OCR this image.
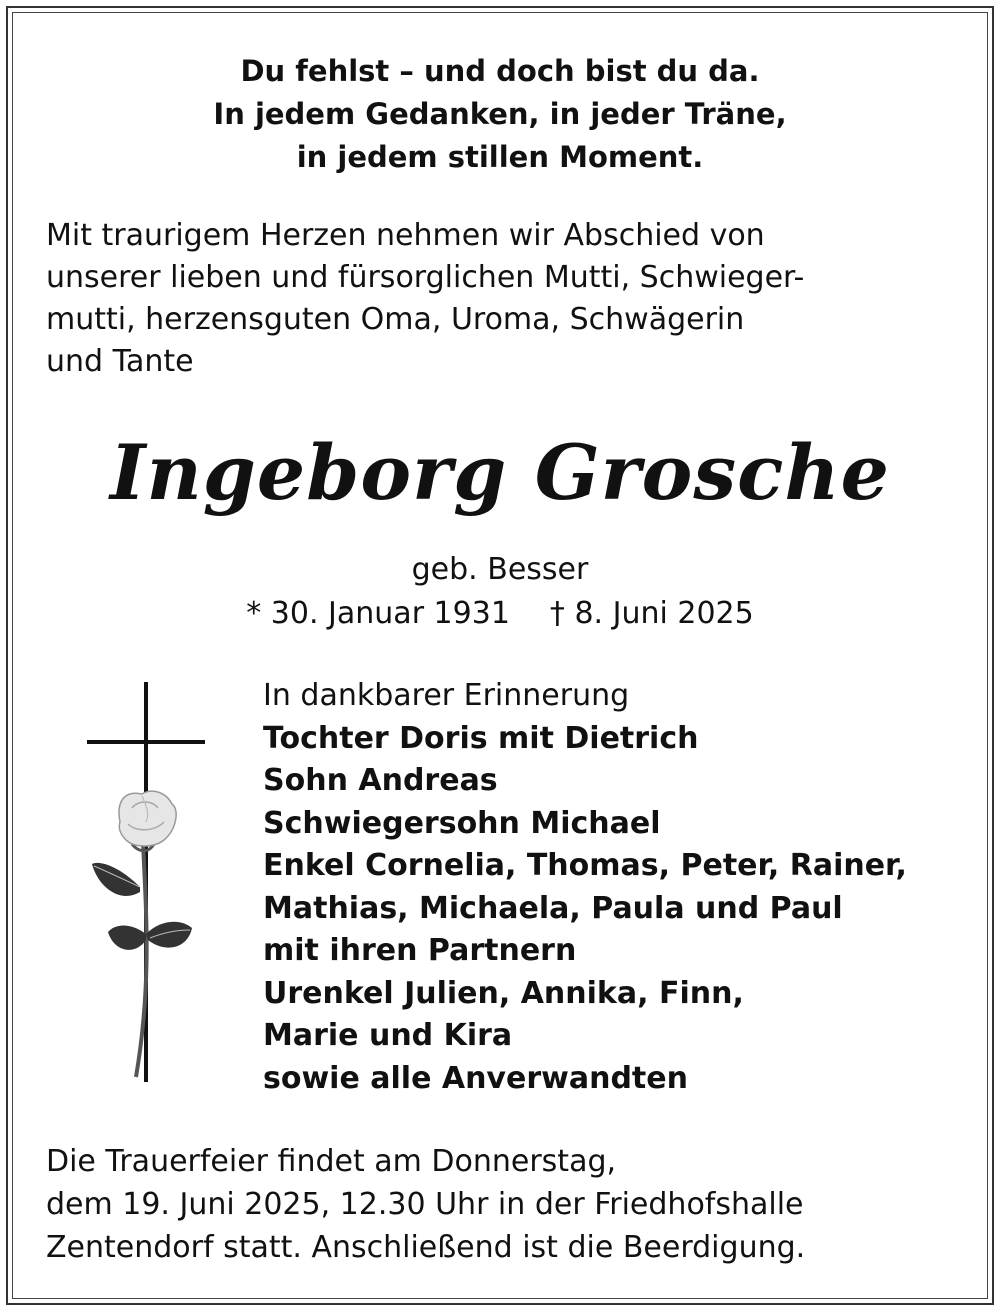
Du fehlst – und doch bist du da.
In jedem Gedanken, in jeder Träne,
in jedem stillen Moment.
Mit traurigem Herzen nehmen wir Abschied von
unserer lieben und fürsorglichen Mutti, Schwieger-
mutti, herzensguten Oma, Uroma, Schwägerin
und Tante
Ingeborg Grosche
geb. Besser
* 30. Januar 1931 † 8. Juni 2025
In dankbarer Erinnerung
Tochter Doris mit Dietrich
Sohn Andreas
Schwiegersohn Michael
Enkel Cornelia, Thomas, Peter, Rainer,
Mathias, Michaela, Paula und Paul
mit ihren Partnern
Urenkel Julien, Annika, Finn,
Marie und Kira
sowie alle Anverwandten
Die Trauerfeier findet am Donnerstag,
dem 19. Juni 2025, 12.30 Uhr in der Friedhofshalle
Zentendorf statt. Anschließend ist die Beerdigung.
